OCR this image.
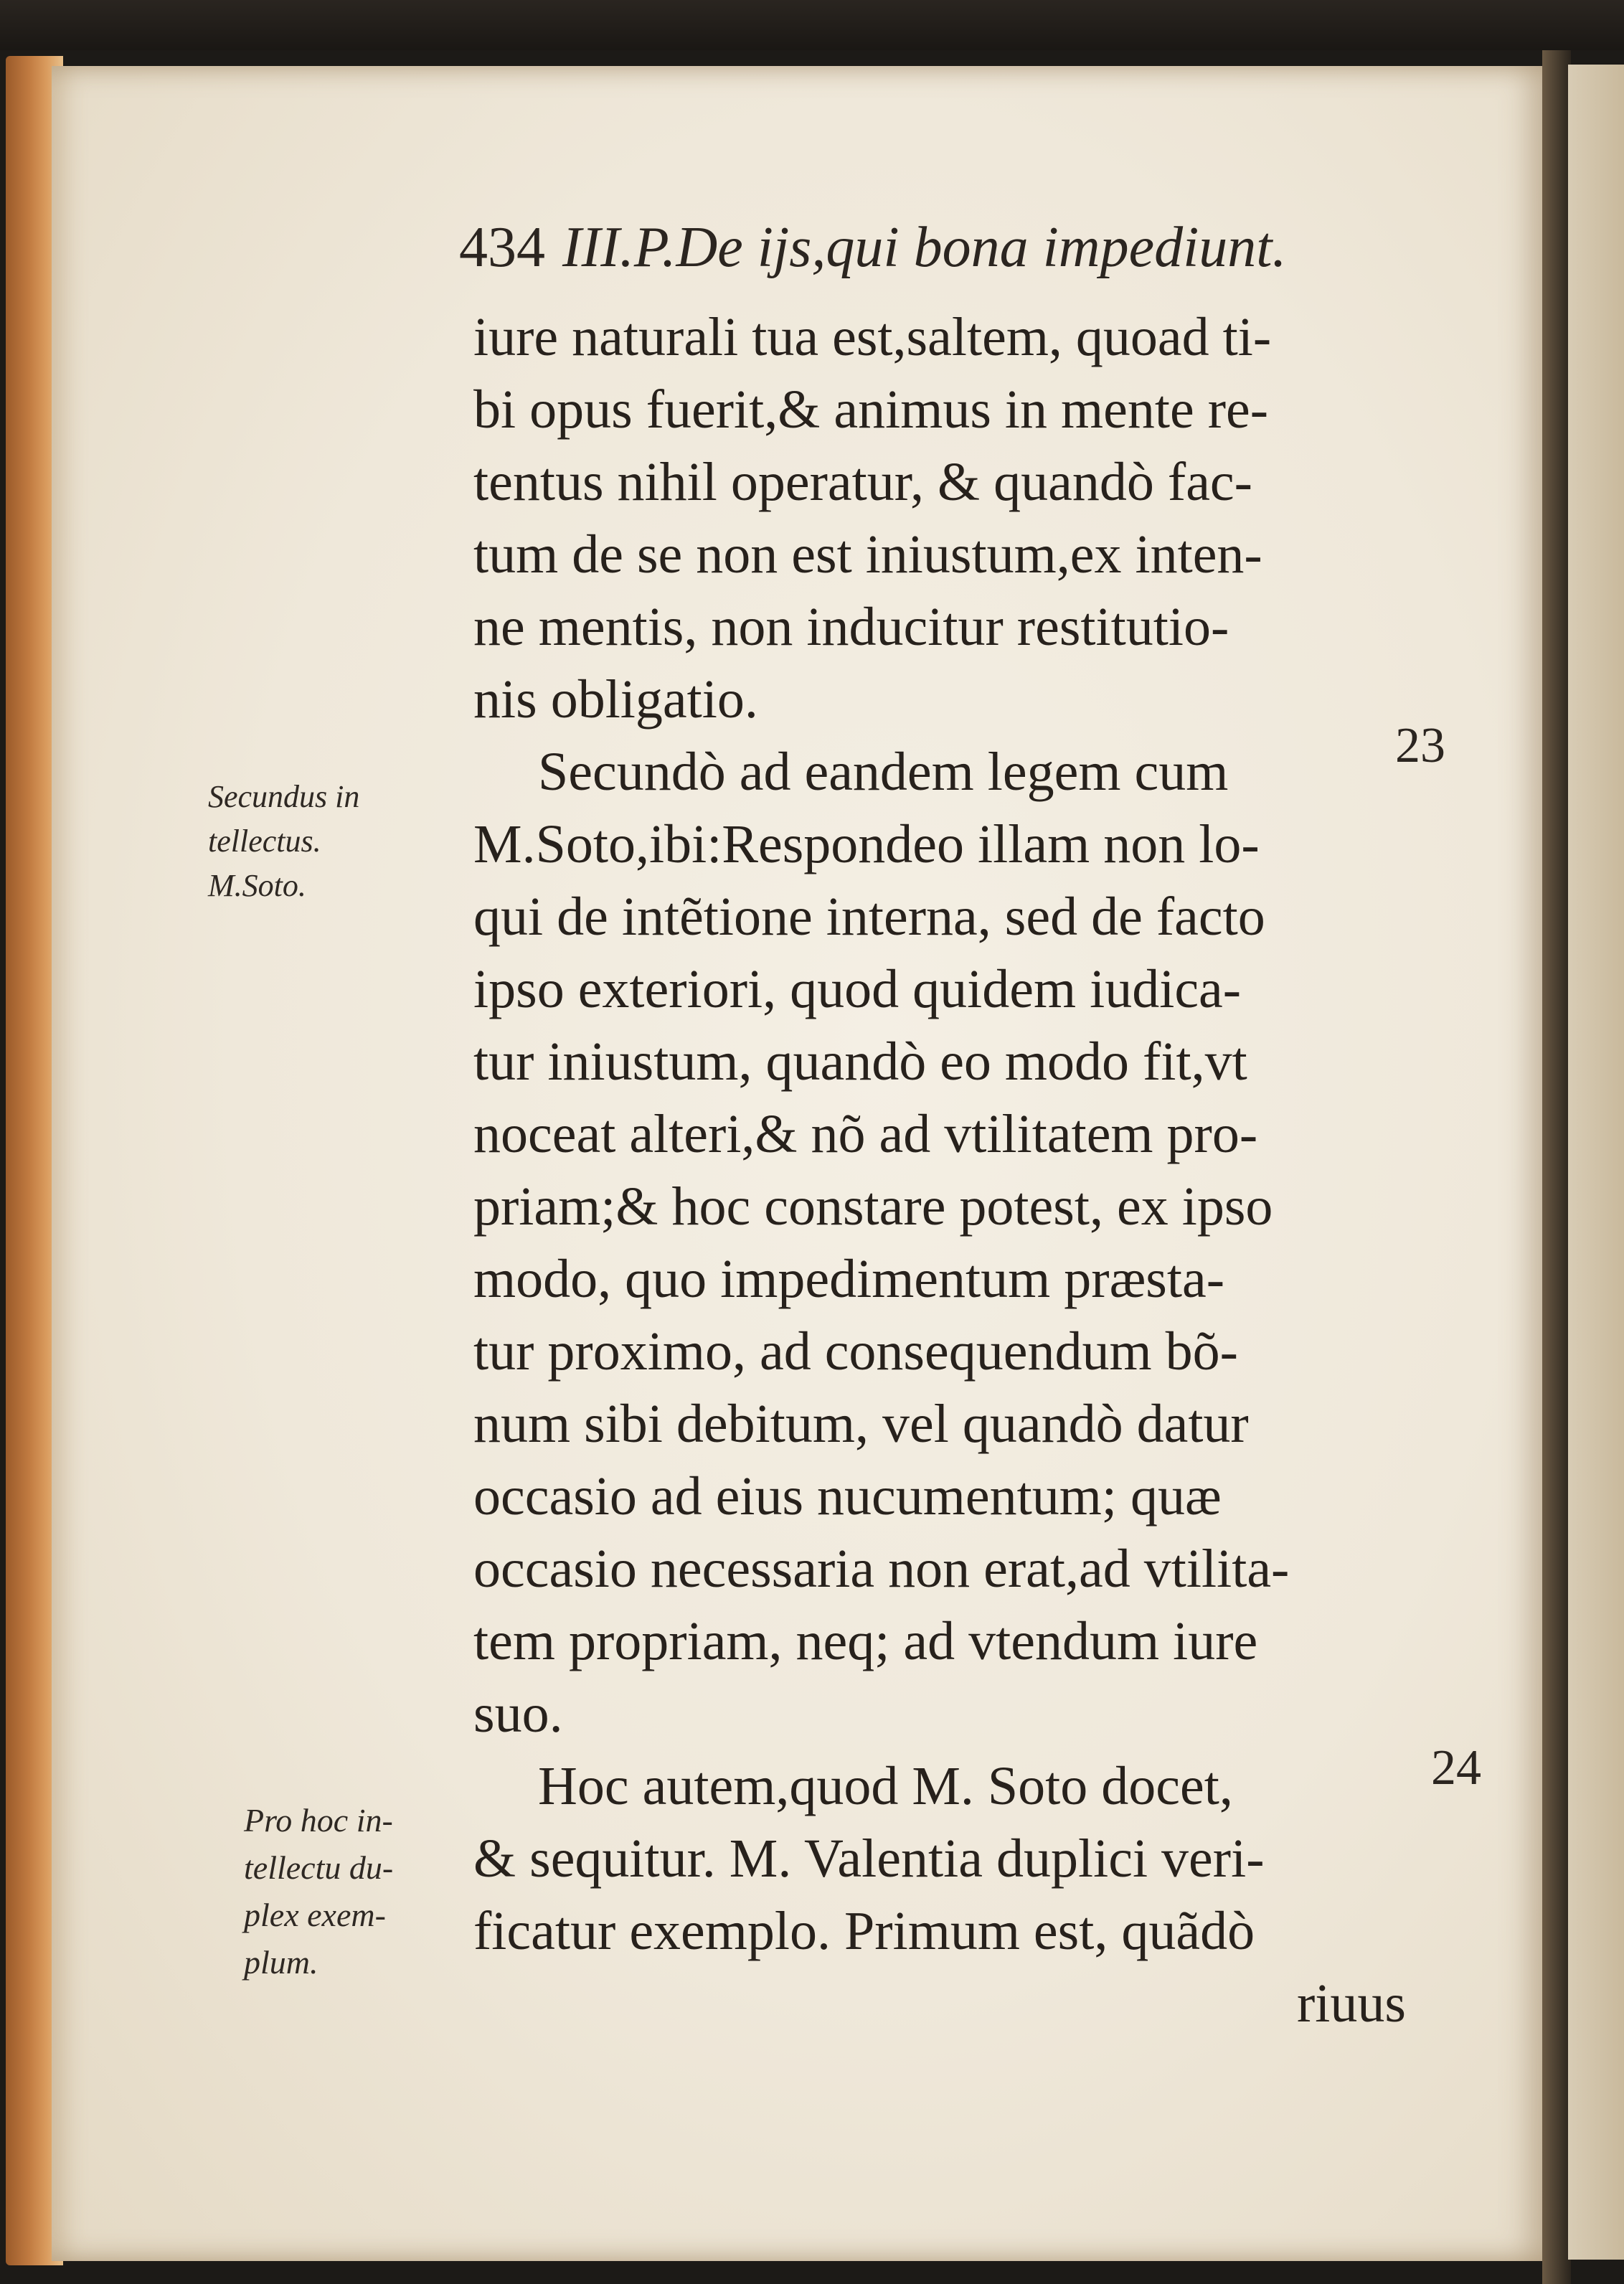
434 III.P.De ijs,qui bona impediunt.
iure naturali tua est,saltem, quoad ti-
bi opus fuerit,& animus in mente re-
tentus nihil operatur, & quandò fac-
tum de se non est iniustum,ex inten-
ne mentis, non inducitur restitutio-
nis obligatio.
Secundò ad eandem legem cum
M.Soto,ibi:Respondeo illam non lo-
qui de intẽtione interna, sed de facto
ipso exteriori, quod quidem iudica-
tur iniustum, quandò eo modo fit,vt
noceat alteri,& nõ ad vtilitatem pro-
priam;& hoc constare potest, ex ipso
modo, quo impedimentum præsta-
tur proximo, ad consequendum bõ-
num sibi debitum, vel quandò datur
occasio ad eius nucumentum; quæ
occasio necessaria non erat,ad vtilita-
tem propriam, neq; ad vtendum iure
suo.
Hoc autem,quod M. Soto docet,
& sequitur. M. Valentia duplici veri-
ficatur exemplo. Primum est, quãdò
riuus
Secundus in
tellectus.
M.Soto.
Pro hoc in-
tellectu du-
plex exem-
plum.
23
24
